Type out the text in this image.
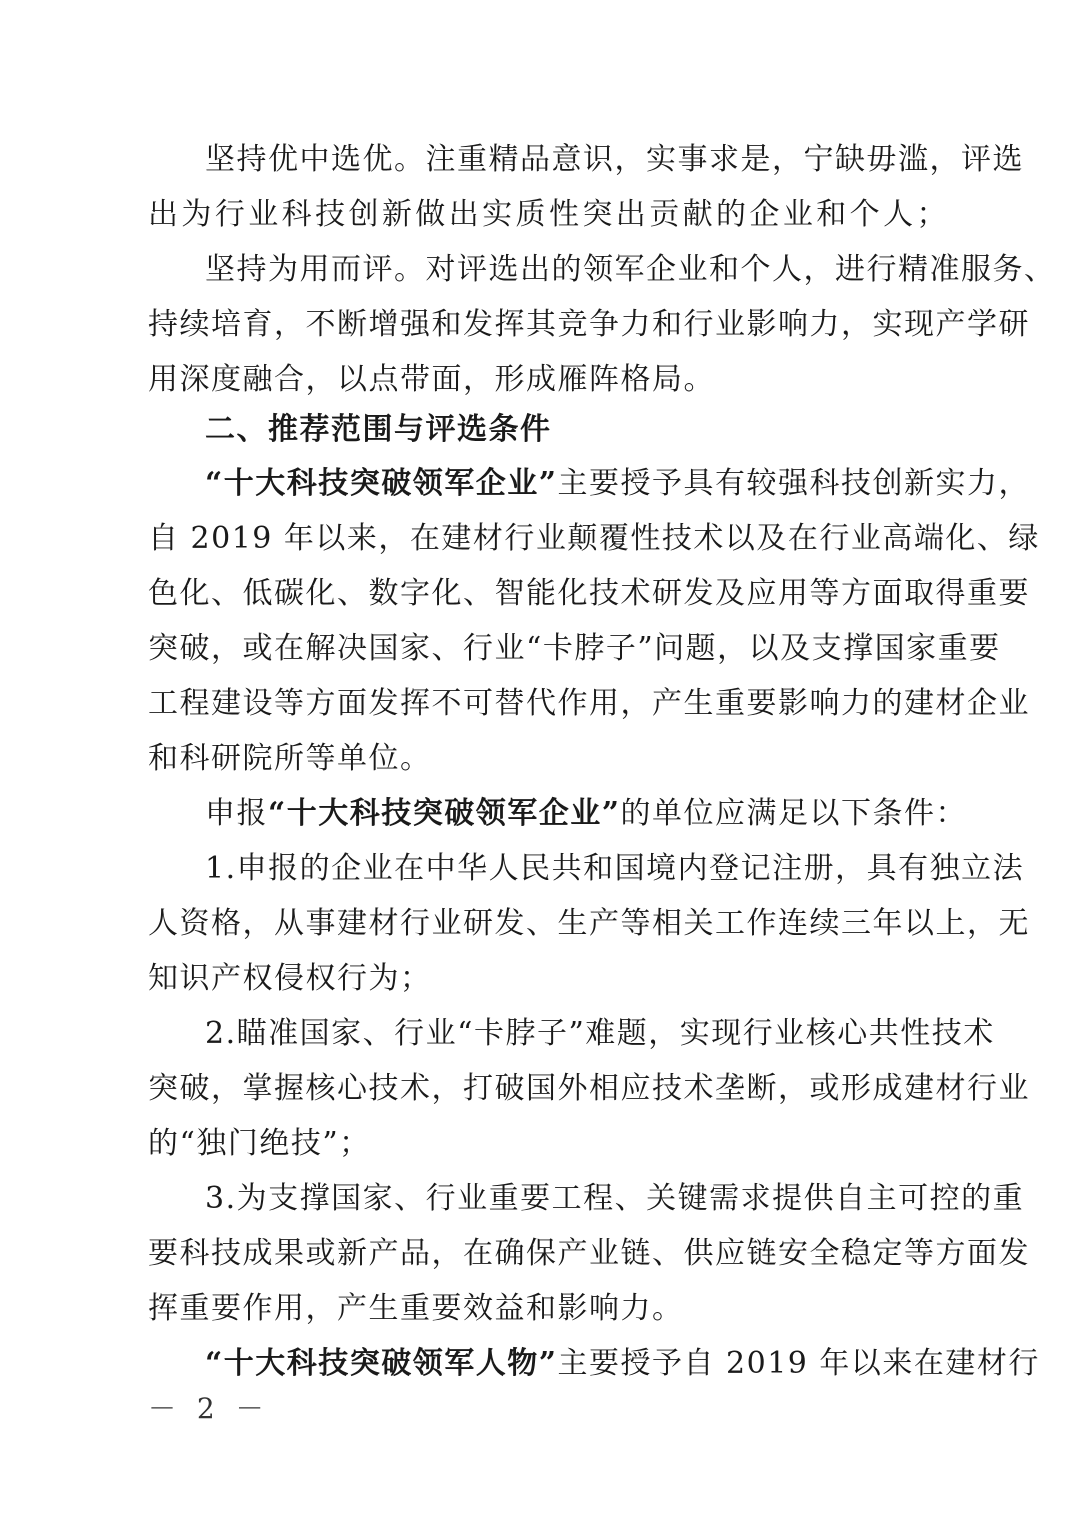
坚持优中选优。注重精品意识，实事求是，宁缺毋滥，评选
出为行业科技创新做出实质性突出贡献的企业和个人；
坚持为用而评。对评选出的领军企业和个人，进行精准服务、
持续培育，不断增强和发挥其竞争力和行业影响力，实现产学研
用深度融合，以点带面，形成雁阵格局。
二、推荐范围与评选条件
“十大科技突破领军企业”主要授予具有较强科技创新实力，
自 2019 年以来，在建材行业颠覆性技术以及在行业高端化、绿
色化、低碳化、数字化、智能化技术研发及应用等方面取得重要
突破，或在解决国家、行业“卡脖子”问题，以及支撑国家重要
工程建设等方面发挥不可替代作用，产生重要影响力的建材企业
和科研院所等单位。
申报“十大科技突破领军企业”的单位应满足以下条件：
1.申报的企业在中华人民共和国境内登记注册，具有独立法
人资格，从事建材行业研发、生产等相关工作连续三年以上，无
知识产权侵权行为；
2.瞄准国家、行业“卡脖子”难题，实现行业核心共性技术
突破，掌握核心技术，打破国外相应技术垄断，或形成建材行业
的“独门绝技”；
3.为支撑国家、行业重要工程、关键需求提供自主可控的重
要科技成果或新产品，在确保产业链、供应链安全稳定等方面发
挥重要作用，产生重要效益和影响力。
“十大科技突破领军人物”主要授予自 2019 年以来在建材行
－ 2 －
